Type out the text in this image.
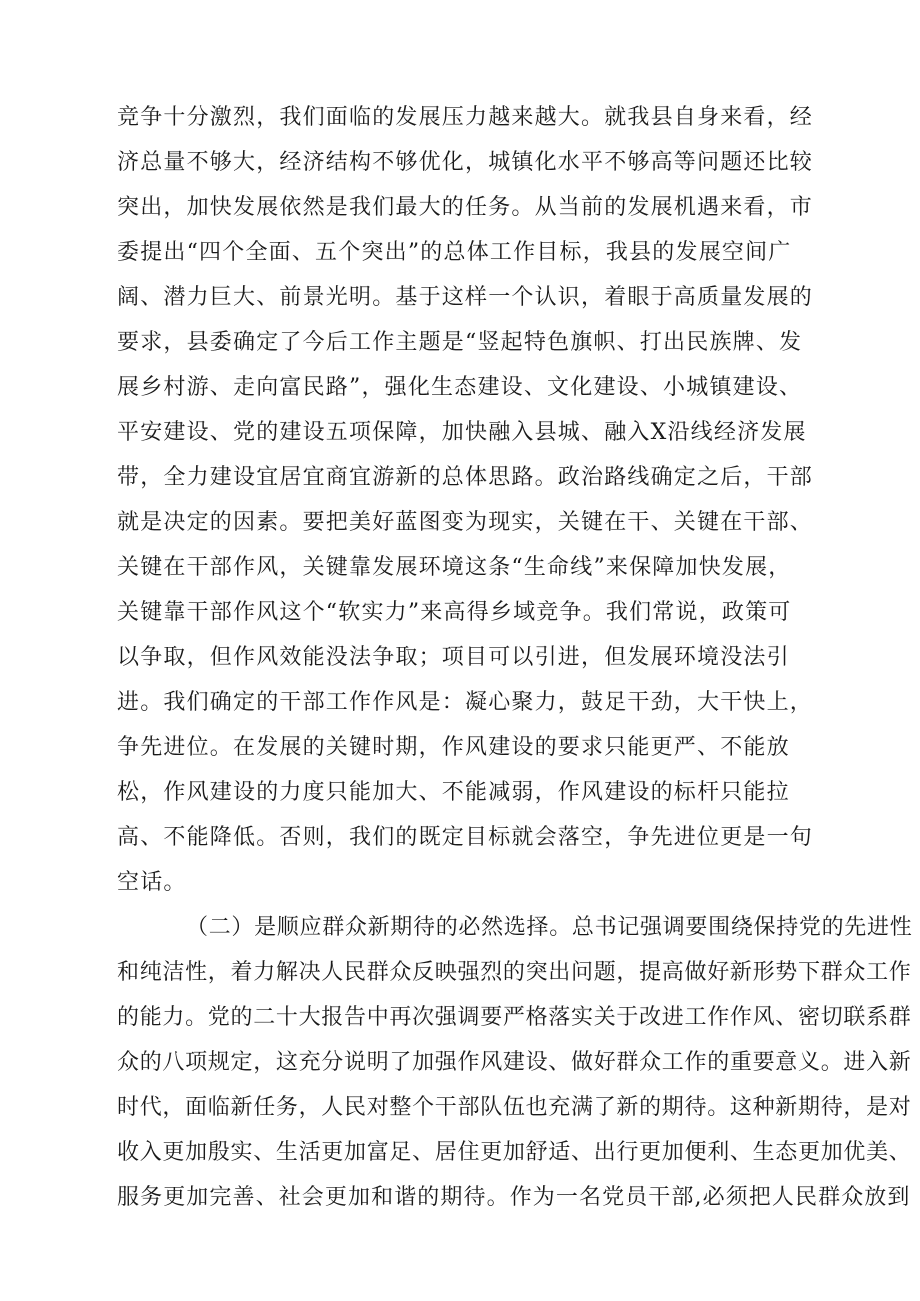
竞争十分激烈，我们面临的发展压力越来越大。就我县自身来看，经
济总量不够大，经济结构不够优化，城镇化水平不够高等问题还比较
突出，加快发展依然是我们最大的任务。从当前的发展机遇来看，市
委提出“四个全面、五个突出”的总体工作目标，我县的发展空间广
阔、潜力巨大、前景光明。基于这样一个认识，着眼于高质量发展的
要求，县委确定了今后工作主题是“竖起特色旗帜、打出民族牌、发
展乡村游、走向富民路”，强化生态建设、文化建设、小城镇建设、
平安建设、党的建设五项保障，加快融入县城、融入X沿线经济发展
带，全力建设宜居宜商宜游新的总体思路。政治路线确定之后，干部
就是决定的因素。要把美好蓝图变为现实，关键在干、关键在干部、
关键在干部作风，关键靠发展环境这条“生命线”来保障加快发展，
关键靠干部作风这个“软实力”来高得乡域竞争。我们常说，政策可
以争取，但作风效能没法争取；项目可以引进，但发展环境没法引
进。我们确定的干部工作作风是：凝心聚力，鼓足干劲，大干快上，
争先进位。在发展的关键时期，作风建设的要求只能更严、不能放
松，作风建设的力度只能加大、不能减弱，作风建设的标杆只能拉
高、不能降低。否则，我们的既定目标就会落空，争先进位更是一句
空话。
（二）是顺应群众新期待的必然选择。总书记强调要围绕保持党的先进性
和纯洁性，着力解决人民群众反映强烈的突出问题，提高做好新形势下群众工作
的能力。党的二十大报告中再次强调要严格落实关于改进工作作风、密切联系群
众的八项规定，这充分说明了加强作风建设、做好群众工作的重要意义。进入新
时代，面临新任务，人民对整个干部队伍也充满了新的期待。这种新期待，是对
收入更加殷实、生活更加富足、居住更加舒适、出行更加便利、生态更加优美、
服务更加完善、社会更加和谐的期待。作为一名党员干部,必须把人民群众放到
